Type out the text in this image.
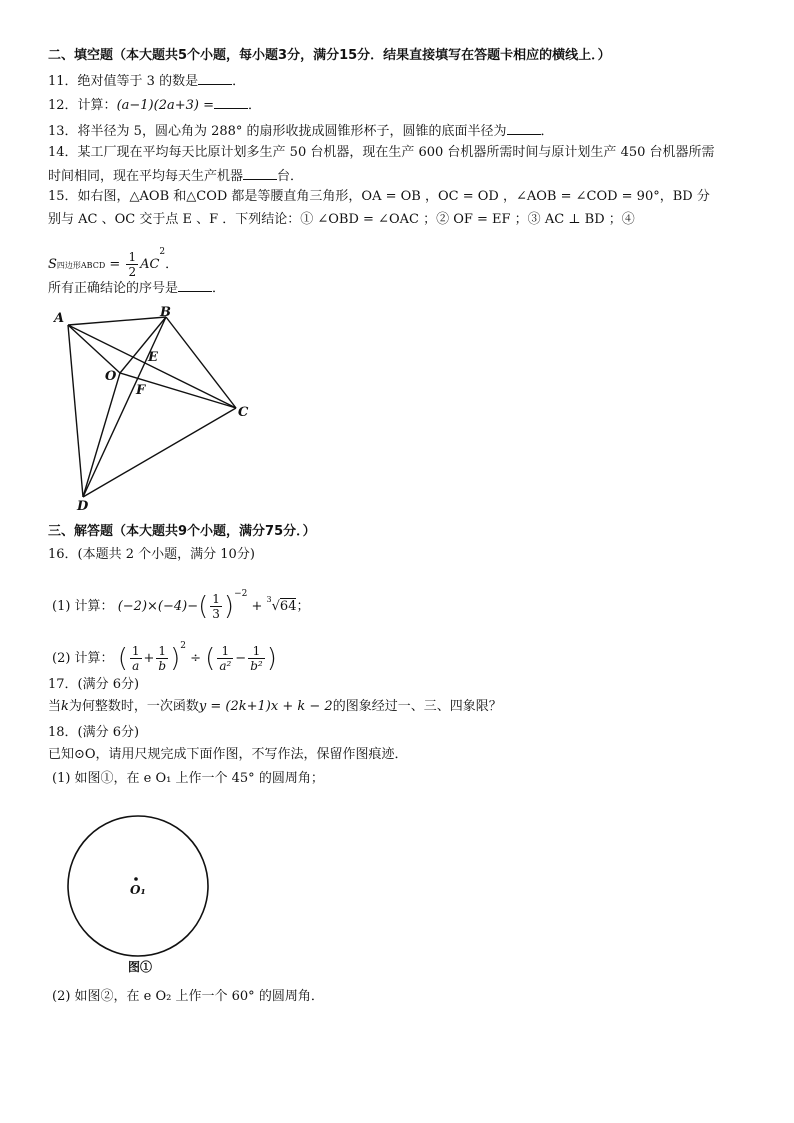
二、填空题（本大题共5个小题，每小题3分，满分15分．结果直接填写在答题卡相应的横线上．）
11．绝对值等于 3 的数是	．
12．计算：(a−1)(2a+3) =	．
13．将半径为 5，圆心角为 288° 的扇形收拢成圆锥形杯子，圆锥的底面半径为	．
14．某工厂现在平均每天比原计划多生产 50 台机器，现在生产 600 台机器所需时间与原计划生产 450 台机器所需
时间相同，现在平均每天生产机器	台．
15．如右图，△AOB 和△COD 都是等腰直角三角形，OA = OB ，OC = OD ，∠AOB = ∠COD = 90°，BD 分
别与 AC 、OC 交于点 E 、F ．下列结论：① ∠OBD = ∠OAC ；② OF = EF ；③ AC ⊥ BD ；④
S四边形ABCD = $\frac{1}{2} AC^2$．
所有正确结论的序号是	．
A	B
C
D
E
F
O
三、解答题（本大题共9个小题，满分75分．）
16．(本题共 2 个小题，满分 10分)
(1) 计算： $(-2)\times(-4)-( \frac{1}{3} )^{-2} + ^3√64$；
(2) 计算： ( $\frac{1}{a} + \frac{1}{b} )^2$ ÷ ( $\frac{1}{\text{a²}} - \frac{1}{\text{b²}}$ )
17．(满分 6分)
当k为何整数时，一次函数y = (2k+1)x + k − 2的图象经过一、三、四象限？
18．(满分 6分)
已知⊙O，请用尺规完成下面作图，不写作法，保留作图痕迹．
(1) 如图①，在 e O₁ 上作一个 45° 的圆周角；
O₁
图①
(2) 如图②，在 e O₂ 上作一个 60° 的圆周角．
